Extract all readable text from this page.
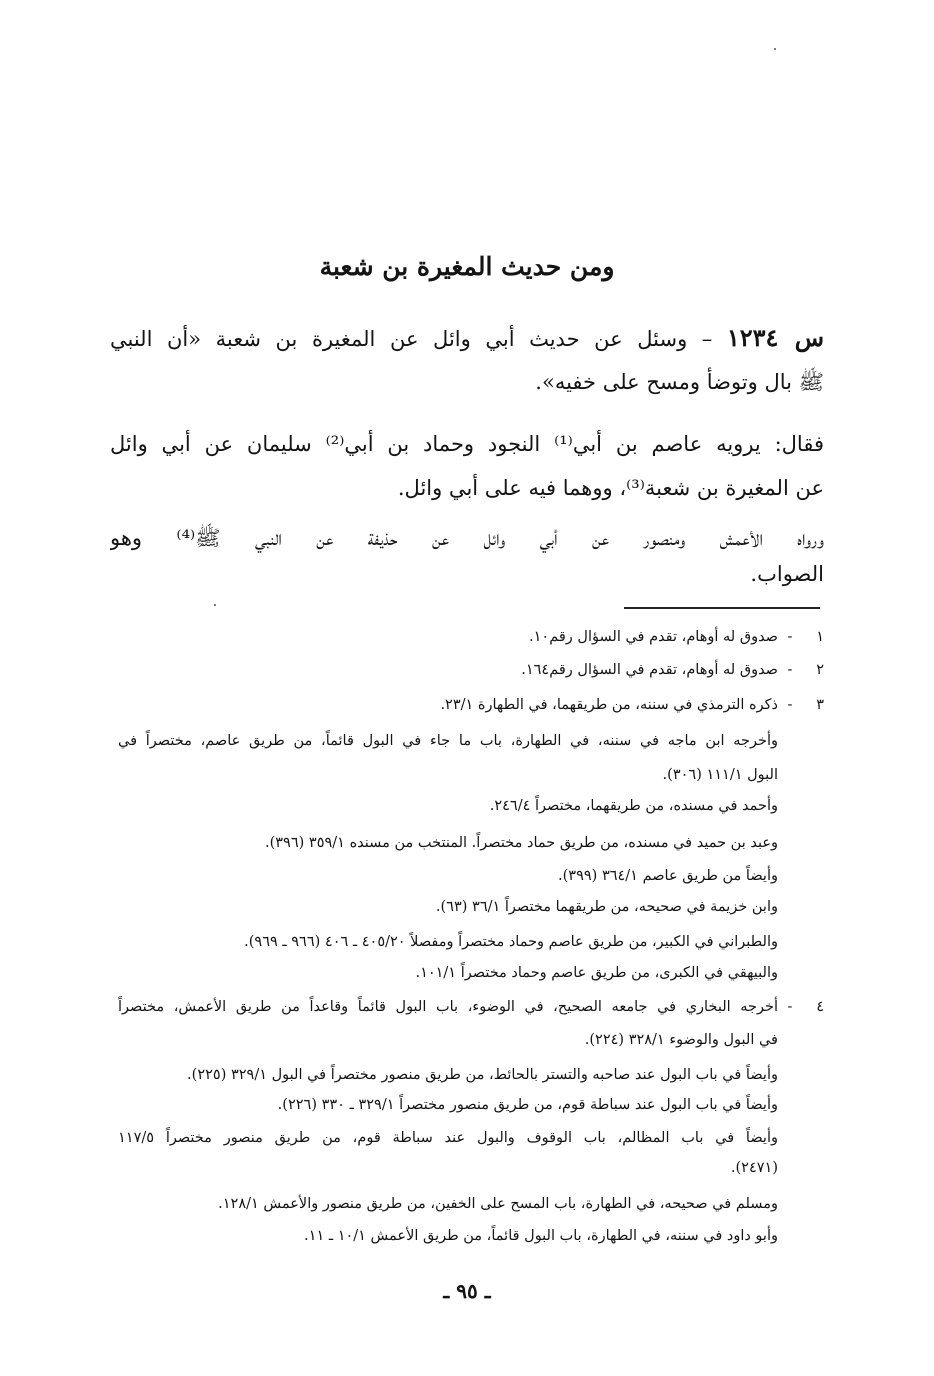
ومن حديث المغيرة بن شعبة
س ١٢٣٤ – وسئل عن حديث أبي وائل عن المغيرة بن شعبة «أن النبي
ﷺ بال وتوضأ ومسح على خفيه».
فقال: يرويه عاصم بن أبي⁽¹⁾ النجود وحماد بن أبي⁽²⁾ سليمان عن أبي وائل
عن المغيرة بن شعبة⁽³⁾، ووهما فيه على أبي وائل.
ورواه الأعمش ومنصور عن أبي وائل عن حذيفة عن النبي ﷺ⁽⁴⁾ وهو
الصواب.
١
-
صدوق له أوهام، تقدم في السؤال رقم١٠.
٢
-
صدوق له أوهام، تقدم في السؤال رقم١٦٤.
٣
-
ذكره الترمذي في سننه، من طريقهما، في الطهارة ٢٣/١.
وأخرجه ابن ماجه في سننه، في الطهارة، باب ما جاء في البول قائماً، من طريق عاصم، مختصراً في
البول ١١١/١ (٣٠٦).
وأحمد في مسنده، من طريقهما، مختصراً ٢٤٦/٤.
وعبد بن حميد في مسنده، من طريق حماد مختصراً. المنتخب من مسنده ٣٥٩/١ (٣٩٦).
وأيضاً من طريق عاصم ٣٦٤/١ (٣٩٩).
وابن خزيمة في صحيحه، من طريقهما مختصراً ٣٦/١ (٦٣).
والطبراني في الكبير، من طريق عاصم وحماد مختصراً ومفصلاً ٤٠٥/٢٠ ـ ٤٠٦ (٩٦٦ ـ ٩٦٩).
والبيهقي في الكبرى، من طريق عاصم وحماد مختصراً ١٠١/١.
٤
-
أخرجه البخاري في جامعه الصحيح، في الوضوء، باب البول قائماً وقاعداً من طريق الأعمش، مختصراً
في البول والوضوء ٣٢٨/١ (٢٢٤).
وأيضاً في باب البول عند صاحبه والتستر بالحائط، من طريق منصور مختصراً في البول ٣٢٩/١ (٢٢٥).
وأيضاً في باب البول عند سباطة قوم، من طريق منصور مختصراً ٣٢٩/١ ـ ٣٣٠ (٢٢٦).
وأيضاً في باب المظالم، باب الوقوف والبول عند سباطة قوم، من طريق منصور مختصراً ١١٧/٥
(٢٤٧١).
ومسلم في صحيحه، في الطهارة، باب المسح على الخفين، من طريق منصور والأعمش ١٢٨/١.
وأبو داود في سننه، في الطهارة، باب البول قائماً، من طريق الأعمش ١٠/١ ـ ١١.
ـ ٩٥ ـ
